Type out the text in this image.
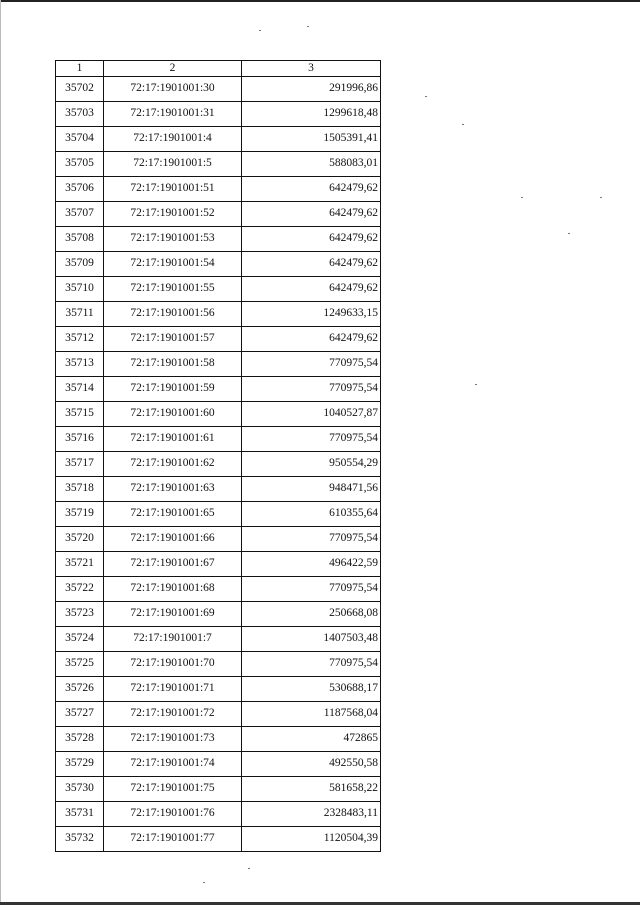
1	2	3
35702	72:17:1901001:30	291996,86
35703	72:17:1901001:31	1299618,48
35704	72:17:1901001:4	1505391,41
35705	72:17:1901001:5	588083,01
35706	72:17:1901001:51	642479,62
35707	72:17:1901001:52	642479,62
35708	72:17:1901001:53	642479,62
35709	72:17:1901001:54	642479,62
35710	72:17:1901001:55	642479,62
35711	72:17:1901001:56	1249633,15
35712	72:17:1901001:57	642479,62
35713	72:17:1901001:58	770975,54
35714	72:17:1901001:59	770975,54
35715	72:17:1901001:60	1040527,87
35716	72:17:1901001:61	770975,54
35717	72:17:1901001:62	950554,29
35718	72:17:1901001:63	948471,56
35719	72:17:1901001:65	610355,64
35720	72:17:1901001:66	770975,54
35721	72:17:1901001:67	496422,59
35722	72:17:1901001:68	770975,54
35723	72:17:1901001:69	250668,08
35724	72:17:1901001:7	1407503,48
35725	72:17:1901001:70	770975,54
35726	72:17:1901001:71	530688,17
35727	72:17:1901001:72	1187568,04
35728	72:17:1901001:73	472865
35729	72:17:1901001:74	492550,58
35730	72:17:1901001:75	581658,22
35731	72:17:1901001:76	2328483,11
35732	72:17:1901001:77	1120504,39
